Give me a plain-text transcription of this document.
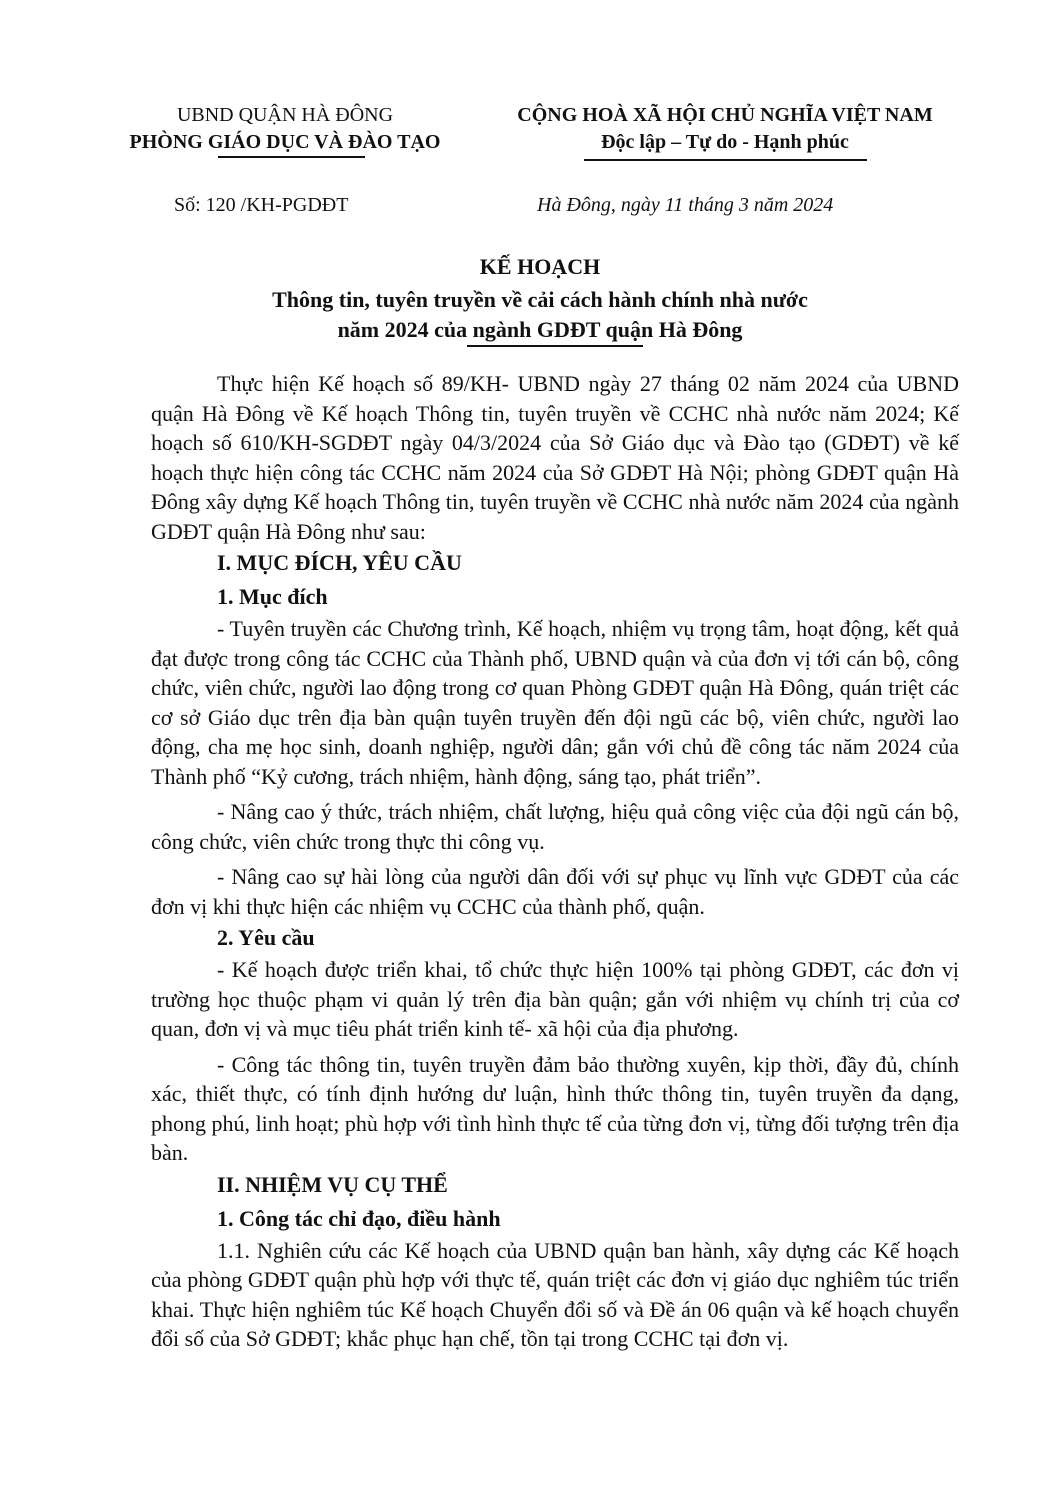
UBND QUẬN HÀ ĐÔNG
PHÒNG GIÁO DỤC VÀ ĐÀO TẠO
CỘNG HOÀ XÃ HỘI CHỦ NGHĨA VIỆT NAM
Độc lập – Tự do - Hạnh phúc
Số: 120 /KH-PGDĐT	Hà Đông, ngày 11 tháng 3 năm 2024
KẾ HOẠCH
Thông tin, tuyên truyền về cải cách hành chính nhà nước
năm 2024 của ngành GDĐT quận Hà Đông

Thực hiện Kế hoạch số 89/KH- UBND ngày 27 tháng 02 năm 2024 của UBND quận Hà Đông về Kế hoạch Thông tin, tuyên truyền về CCHC nhà nước năm 2024; Kế hoạch số 610/KH-SGDĐT ngày 04/3/2024 của Sở Giáo dục và Đào tạo (GDĐT) về kế hoạch thực hiện công tác CCHC năm 2024 của Sở GDĐT Hà Nội; phòng GDĐT quận Hà Đông xây dựng Kế hoạch Thông tin, tuyên truyền về CCHC nhà nước năm 2024 của ngành GDĐT quận Hà Đông như sau:

I. MỤC ĐÍCH, YÊU CẦU

1. Mục đích

- Tuyên truyền các Chương trình, Kế hoạch, nhiệm vụ trọng tâm, hoạt động, kết quả đạt được trong công tác CCHC của Thành phố, UBND quận và của đơn vị tới cán bộ, công chức, viên chức, người lao động trong cơ quan Phòng GDĐT quận Hà Đông, quán triệt các cơ sở Giáo dục trên địa bàn quận tuyên truyền đến đội ngũ các bộ, viên chức, người lao động, cha mẹ học sinh, doanh nghiệp, người dân; gắn với chủ đề công tác năm 2024 của Thành phố “Kỷ cương, trách nhiệm, hành động, sáng tạo, phát triển”.

- Nâng cao ý thức, trách nhiệm, chất lượng, hiệu quả công việc của đội ngũ cán bộ, công chức, viên chức trong thực thi công vụ.

- Nâng cao sự hài lòng của người dân đối với sự phục vụ lĩnh vực GDĐT của các đơn vị khi thực hiện các nhiệm vụ CCHC của thành phố, quận.

2. Yêu cầu

- Kế hoạch được triển khai, tổ chức thực hiện 100% tại phòng GDĐT, các đơn vị trường học thuộc phạm vi quản lý trên địa bàn quận; gắn với nhiệm vụ chính trị của cơ quan, đơn vị và mục tiêu phát triển kinh tế- xã hội của địa phương.

- Công tác thông tin, tuyên truyền đảm bảo thường xuyên, kịp thời, đầy đủ, chính xác, thiết thực, có tính định hướng dư luận, hình thức thông tin, tuyên truyền đa dạng, phong phú, linh hoạt; phù hợp với tình hình thực tế của từng đơn vị, từng đối tượng trên địa bàn.

II. NHIỆM VỤ CỤ THỂ

1. Công tác chỉ đạo, điều hành

1.1. Nghiên cứu các Kế hoạch của UBND quận ban hành, xây dựng các Kế hoạch của phòng GDĐT quận phù hợp với thực tế, quán triệt các đơn vị giáo dục nghiêm túc triển khai. Thực hiện nghiêm túc Kế hoạch Chuyển đổi số và Đề án 06 quận và kế hoạch chuyển đổi số của Sở GDĐT; khắc phục hạn chế, tồn tại trong CCHC tại đơn vị.
